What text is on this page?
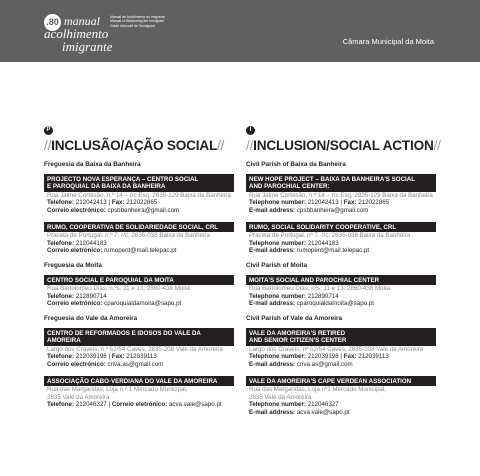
.80 manual
acolhimento
imigrante
Manual de Acolhimento ao Imigrante
Manual of Welcoming the Immigrant
Guide d'accueil de l'immigrant
Câmara Municipal da Moita
P
//INCLUSÃO/AÇÃO SOCIAL//
Freguesia da Baixa da Banheira
PROJECTO NOVA ESPERANÇA – CENTRO SOCIAL
E PAROQUIAL DA BAIXA DA BANHEIRA
Rua Jaime Cortesão, n.º 14 – r/c Esq, 2835-129 Baixa da Banheira
Telefone: 212042413 | Fax: 212022865
Correio electrónico: cpsbbanheira@gmail.com
RUMO, COOPERATIVA DE SOLIDARIEDADE SOCIAL, CRL
Praceta de Portugal, n.º 7, r/c, 2835-038 Baixa da Banheira
Telefone: 212044183
Correio eletrónico: rumopent@mail.telepac.pt
Freguesia da Moita
CENTRO SOCIAL E PAROQUIAL DA MOITA
Rua Bartolomeu Dias, n.ºs. 11 e 13, 2860-438 Moita
Telefone: 212890714
Correio eletrónico: cparoquialdamoita@sapo.pt
Freguesia do Vale da Amoreira
CENTRO DE REFORMADOS E IDOSOS DO VALE DA AMOREIRA
Largo dos Craveis, n.º 52/54 Caves, 2835-208 Vale da Amoreira
Telefone: 212039198 | Fax: 212039113
Correio electrónico: criva.as@gmail.com
ASSOCIAÇÃO CABO-VERDIANA DO VALE DA AMOREIRA
Rua das Margaridas, Loja n.º 1 Mercado Municipal,
2835 Vale da Amoreira
Telefone: 212046327 | Correio eletrónico: acva.vale@sapo.pt
I
//INCLUSION/SOCIAL ACTION//
Civil Parish of Baixa da Banheira
NEW HOPE PROJECT – BAIXA DA BANHEIRA'S SOCIAL
AND PAROCHIAL CENTER:
Rua Jaime Cortesão, n.º 14 – r/c Esq, 2835-129 Baixa da Banheira
Telephone number: 212042413 | Fax: 212022865
E-mail address: cpsbbanheira@gmail.com
RUMO, SOCIAL SOLIDARITY COOPERATIVE, CRL
Praceta de Portugal, nº 7, r/c, 2835-038 Baixa da Banheira
Telephone number: 212044183
E-mail address: rumopent@mail.telepac.pt
Civil Parish of Moita
MOITA'S SOCIAL AND PAROCHIAL CENTER
Rua Bartolomeu Dias, nºs. 11 e 13, 2860-438 Moita
Telephone number: 212890714
E-mail address: cparoquialdamoita@sapo.pt
Civil Parish of Vale da Amoreira
VALE DA AMOREIRA'S RETIRED
AND SENIOR CITIZEN'S CENTER
Largo dos Craveis, nº 52/54 Caves, 2835-208 Vale da Amoreira
Telephone number: 212039198 | Fax: 212039113
E-mail address: criva.as@gmail.com
VALE DA AMOREIRA'S CAPE VERDEAN ASSOCIATION
Rua das Margaridas, Loja nº1 Mercado Municipal,
2835 Vale da Amoreira
Telephone number: 212046327
E-mail address: acva.vale@sapo.pt
